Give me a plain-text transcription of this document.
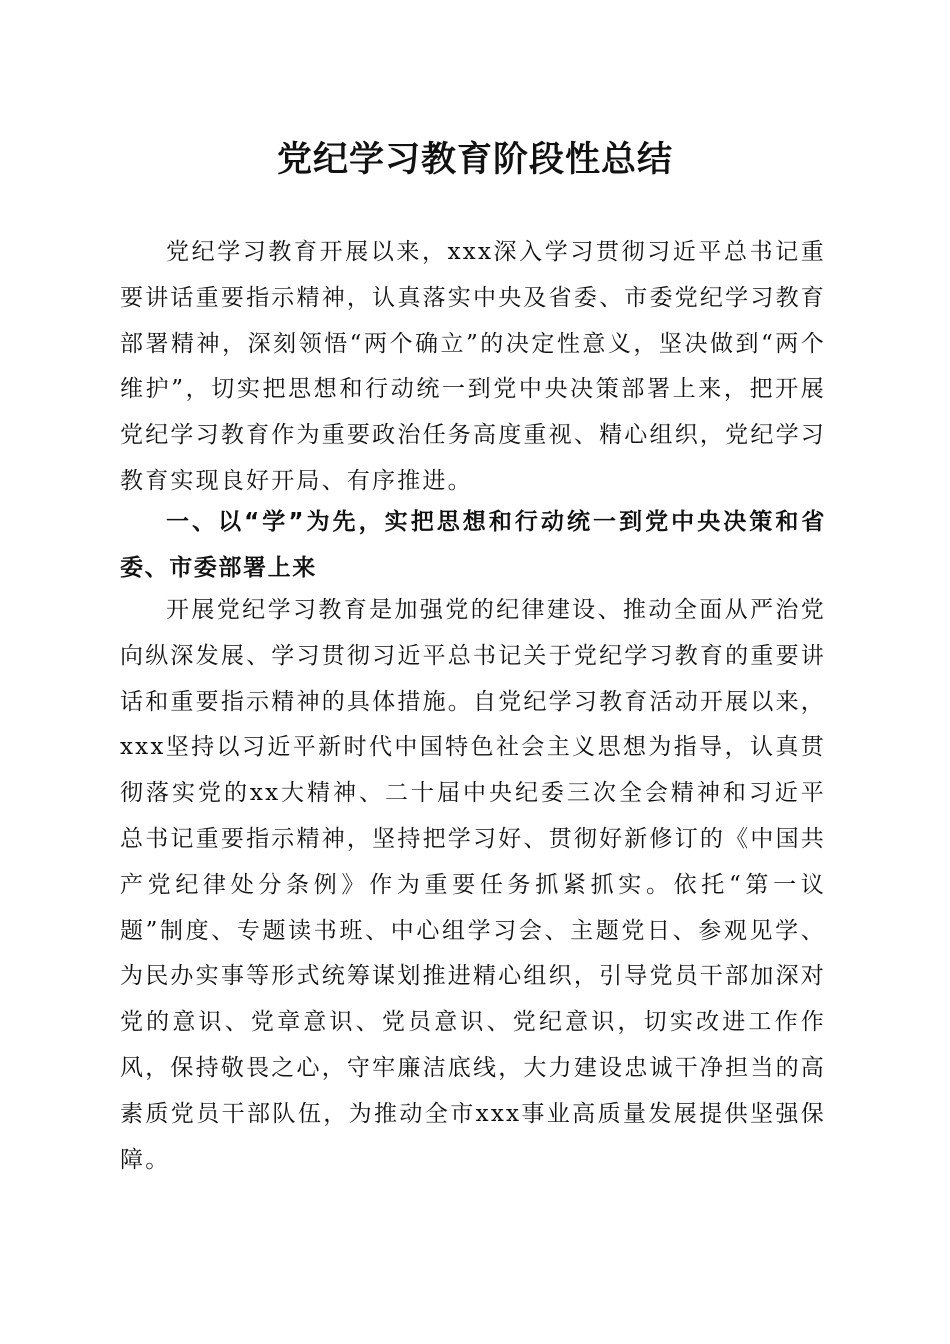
党纪学习教育阶段性总结

党纪学习教育开展以来，xxx深入学习贯彻习近平总书记重要讲话重要指示精神，认真落实中央及省委、市委党纪学习教育部署精神，深刻领悟“两个确立”的决定性意义，坚决做到“两个维护”，切实把思想和行动统一到党中央决策部署上来，把开展党纪学习教育作为重要政治任务高度重视、精心组织，党纪学习教育实现良好开局、有序推进。

一、以“学”为先，实把思想和行动统一到党中央决策和省委、市委部署上来

开展党纪学习教育是加强党的纪律建设、推动全面从严治党向纵深发展、学习贯彻习近平总书记关于党纪学习教育的重要讲话和重要指示精神的具体措施。自党纪学习教育活动开展以来，xxx坚持以习近平新时代中国特色社会主义思想为指导，认真贯彻落实党的xx大精神、二十届中央纪委三次全会精神和习近平总书记重要指示精神，坚持把学习好、贯彻好新修订的《中国共产党纪律处分条例》作为重要任务抓紧抓实。依托“第一议题”制度、专题读书班、中心组学习会、主题党日、参观见学、为民办实事等形式统筹谋划推进精心组织，引导党员干部加深对党的意识、党章意识、党员意识、党纪意识，切实改进工作作风，保持敬畏之心，守牢廉洁底线，大力建设忠诚干净担当的高素质党员干部队伍，为推动全市xxx事业高质量发展提供坚强保障。
